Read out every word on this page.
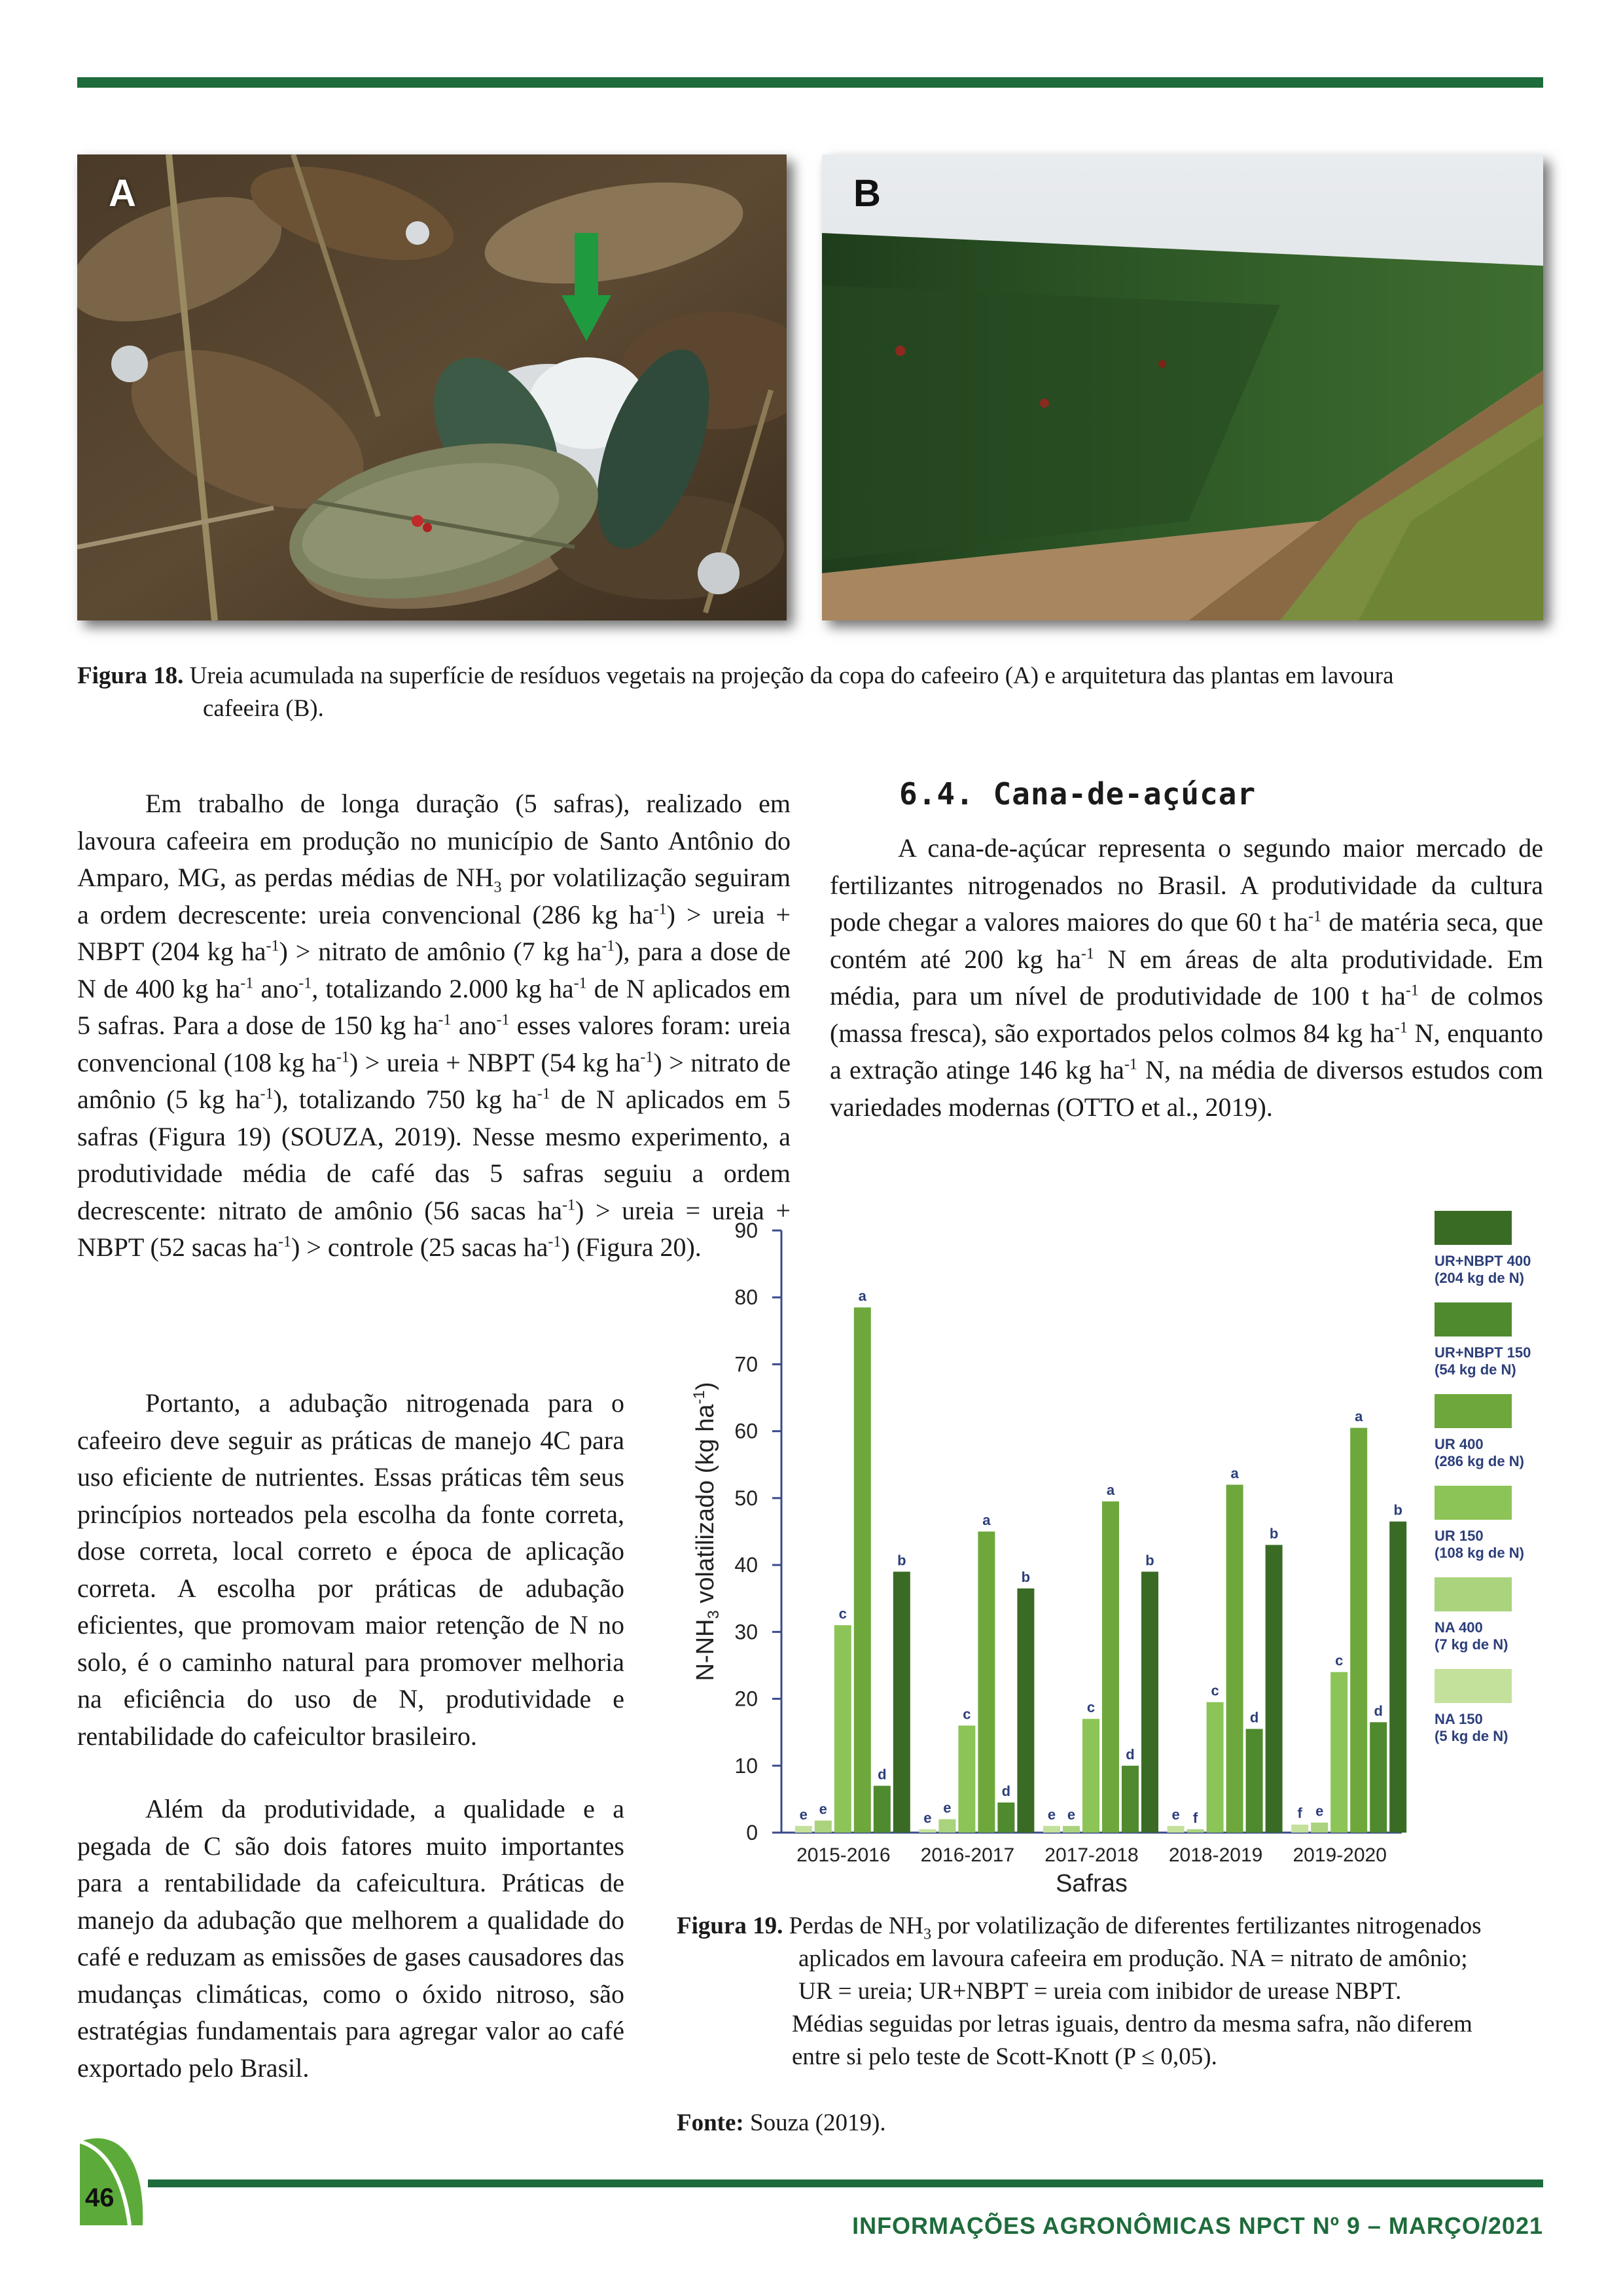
A	B
Figura 18. Ureia acumulada na superfície de resíduos vegetais na projeção da copa do cafeeiro (A) e arquitetura das plantas em lavoura
cafeeira (B).

Em trabalho de longa duração (5 safras), realizado em lavoura cafeeira em produção no município de Santo Antônio do Amparo, MG, as perdas médias de $NH_3$ por volatilização seguiram a ordem decrescente: ureia convencional (286 kg $ha^{-1}$) > ureia + NBPT (204 kg $ha^{-1}$) > nitrato de amônio (7 kg $ha^{-1}$), para a dose de N de 400 kg $ha^{-1}$ ano$^{-1}$, totalizando 2.000 kg $ha^{-1}$ de N aplicados em 5 safras. Para a dose de 150 kg $ha^{-1}$ ano$^{-1}$ esses valores foram: ureia convencional (108 kg $ha^{-1}$) > ureia + NBPT (54 kg $ha^{-1}$) > nitrato de amônio (5 kg $ha^{-1}$), totalizando 750 kg $ha^{-1}$ de N aplicados em 5 safras (Figura 19) (SOUZA, 2019). Nesse mesmo experimento, a produtividade média de café das 5 safras seguiu a ordem decrescente: nitrato de amônio (56 sacas $ha^{-1}$) > ureia = ureia + NBPT (52 sacas $ha^{-1}$) > controle (25 sacas $ha^{-1}$) (Figura 20).

Portanto, a adubação nitrogenada para o cafeeiro deve seguir as práticas de manejo 4C para uso eficiente de nutrientes. Essas práticas têm seus princípios norteados pela escolha da fonte correta, dose correta, local correto e época de aplicação correta. A escolha por práticas de adubação eficientes, que promovam maior retenção de N no solo, é o caminho natural para promover melhoria na eficiência do uso de N, produtividade e rentabilidade do cafeicultor brasileiro.

Além da produtividade, a qualidade e a pegada de C são dois fatores muito importantes para a rentabilidade da cafeicultura. Práticas de manejo da adubação que melhorem a qualidade do café e reduzam as emissões de gases causadores das mudanças climáticas, como o óxido nitroso, são estratégias fundamentais para agregar valor ao café exportado pelo Brasil.

6.4. Cana-de-açúcar

A cana-de-açúcar representa o segundo maior mercado de fertilizantes nitrogenados no Brasil. A produtividade da cultura pode chegar a valores maiores do que 60 t $ha^{-1}$ de matéria seca, que contém até 200 kg $ha^{-1}$ N em áreas de alta produtividade. Em média, para um nível de produtividade de 100 t $ha^{-1}$ de colmos (massa fresca), são exportados pelos colmos 84 kg $ha^{-1}$ N, enquanto a extração atinge 146 kg $ha^{-1}$ N, na média de diversos estudos com variedades modernas (OTTO et al., 2019).

0
10
20
30
40
50
60
70
80
90
$N-NH_3$ volatilizado (kg $ha^{-1}$)
Safras
2015-2016 2016-2017 2017-2018 2018-2019 2019-2020
e e
c
a
d
b
e
e
c
a
d
b
e e
c
a
d
b
e f
c
a
d
b
f e
c
a
d
b
UR+NBPT 400
(204 kg de N)
UR+NBPT 150
(54 kg de N)
UR 400
(286 kg de N)
UR 150
(108 kg de N)
NA 400
(7 kg de N)
NA 150
(5 kg de N)
Figura 19. Perdas de $NH_3$ por volatilização de diferentes fertilizantes nitrogenados
aplicados em lavoura cafeeira em produção. NA = nitrato de amônio;
UR = ureia; UR+NBPT = ureia com inibidor de urease NBPT.
Médias seguidas por letras iguais, dentro da mesma safra, não diferem
entre si pelo teste de Scott-Knott (P ≤ 0,05).
Fonte: Souza (2019).
46
INFORMAÇÕES AGRONÔMICAS NPCT Nº 9 – MARÇO/2021
